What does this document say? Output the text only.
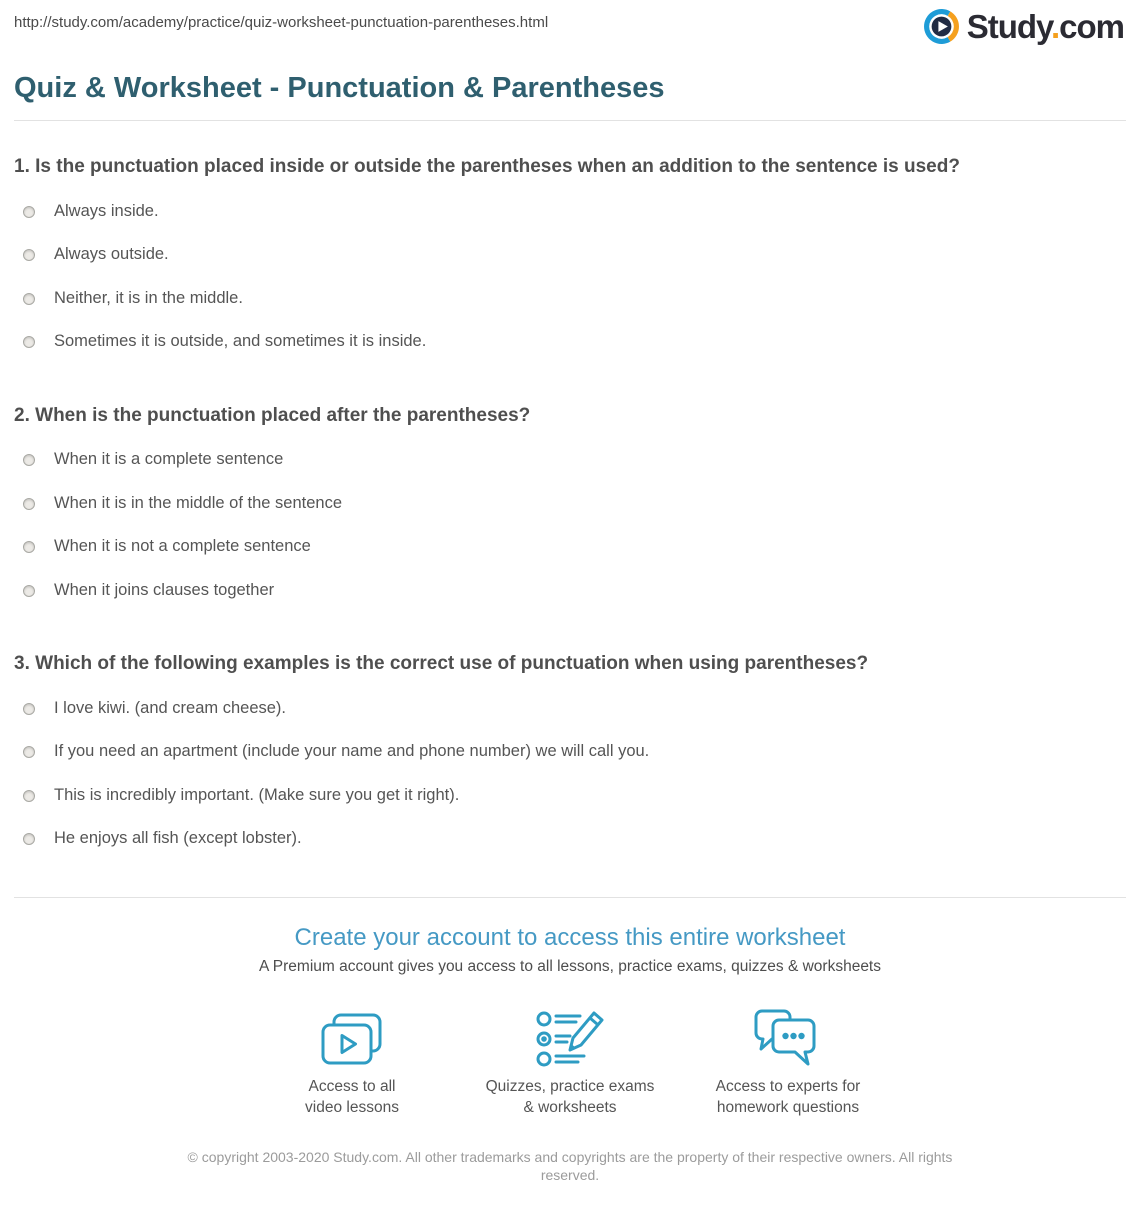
http://study.com/academy/practice/quiz-worksheet-punctuation-parentheses.html	Study.com
Quiz & Worksheet - Punctuation & Parentheses
1. Is the punctuation placed inside or outside the parentheses when an addition to the sentence is used?
Always inside.
Always outside.
Neither, it is in the middle.
Sometimes it is outside, and sometimes it is inside.
2. When is the punctuation placed after the parentheses?
When it is a complete sentence
When it is in the middle of the sentence
When it is not a complete sentence
When it joins clauses together
3. Which of the following examples is the correct use of punctuation when using parentheses?
I love kiwi. (and cream cheese).
If you need an apartment (include your name and phone number) we will call you.
This is incredibly important. (Make sure you get it right).
He enjoys all fish (except lobster).
Create your account to access this entire worksheet

A Premium account gives you access to all lessons, practice exams, quizzes & worksheets

Access to all
video lessons
Quizzes, practice exams
& worksheets
Access to experts for
homework questions
© copyright 2003-2020 Study.com. All other trademarks and copyrights are the property of their respective owners. All rights reserved.
